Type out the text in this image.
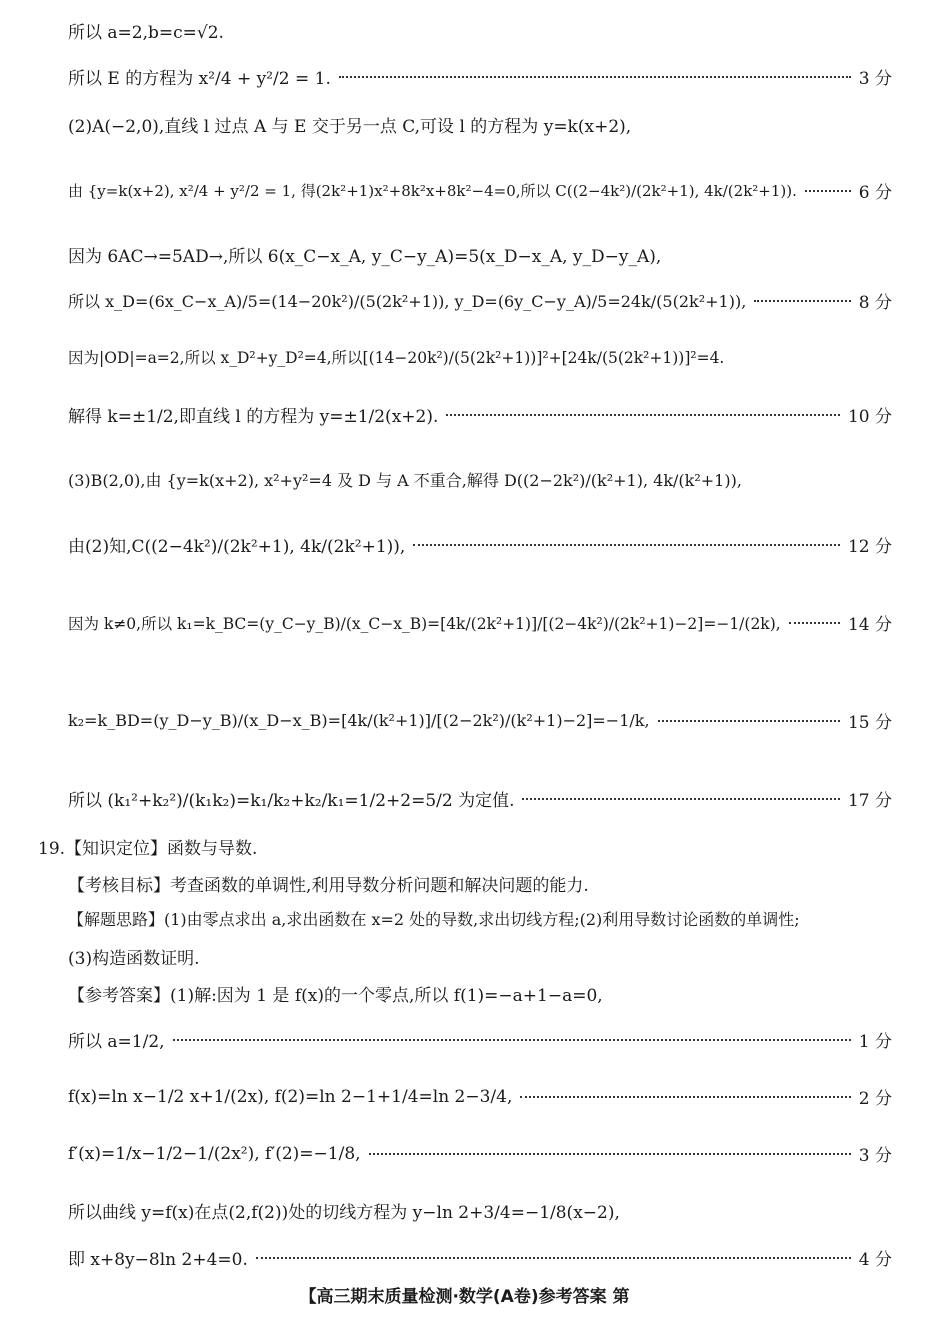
所以 a=2,b=c=√2.
所以 E 的方程为 x²/4 + y²/2 = 1.	3 分
(2)A(−2,0),直线 l 过点 A 与 E 交于另一点 C,可设 l 的方程为 y=k(x+2),
由 {y=k(x+2), x²/4 + y²/2 = 1, 得(2k²+1)x²+8k²x+8k²−4=0,所以 C((2−4k²)/(2k²+1), 4k/(2k²+1)).	6 分
因为 6AC→=5AD→,所以 6(x_C−x_A, y_C−y_A)=5(x_D−x_A, y_D−y_A),
所以 x_D=(6x_C−x_A)/5=(14−20k²)/(5(2k²+1)), y_D=(6y_C−y_A)/5=24k/(5(2k²+1)),	8 分
因为|OD|=a=2,所以 x_D²+y_D²=4,所以[(14−20k²)/(5(2k²+1))]²+[24k/(5(2k²+1))]²=4.
解得 k=±1/2,即直线 l 的方程为 y=±1/2(x+2).	10 分
(3)B(2,0),由 {y=k(x+2), x²+y²=4 及 D 与 A 不重合,解得 D((2−2k²)/(k²+1), 4k/(k²+1)),
由(2)知,C((2−4k²)/(2k²+1), 4k/(2k²+1)),	12 分
因为 k≠0,所以 k₁=k_BC=(y_C−y_B)/(x_C−x_B)=[4k/(2k²+1)]/[(2−4k²)/(2k²+1)−2]=−1/(2k),	14 分
k₂=k_BD=(y_D−y_B)/(x_D−x_B)=[4k/(k²+1)]/[(2−2k²)/(k²+1)−2]=−1/k,	15 分
所以 (k₁²+k₂²)/(k₁k₂)=k₁/k₂+k₂/k₁=1/2+2=5/2 为定值.	17 分
19.【知识定位】函数与导数.
【考核目标】考查函数的单调性,利用导数分析问题和解决问题的能力.
【解题思路】(1)由零点求出 a,求出函数在 x=2 处的导数,求出切线方程;(2)利用导数讨论函数的单调性;
(3)构造函数证明.
【参考答案】(1)解:因为 1 是 f(x)的一个零点,所以 f(1)=−a+1−a=0,
所以 a=1/2,	1 分
f(x)=ln x−1/2 x+1/(2x), f(2)=ln 2−1+1/4=ln 2−3/4,	2 分
f′(x)=1/x−1/2−1/(2x²), f′(2)=−1/8,	3 分
所以曲线 y=f(x)在点(2,f(2))处的切线方程为 y−ln 2+3/4=−1/8(x−2),
即 x+8y−8ln 2+4=0.	4 分
【高三期末质量检测·数学(A卷)参考答案 第
